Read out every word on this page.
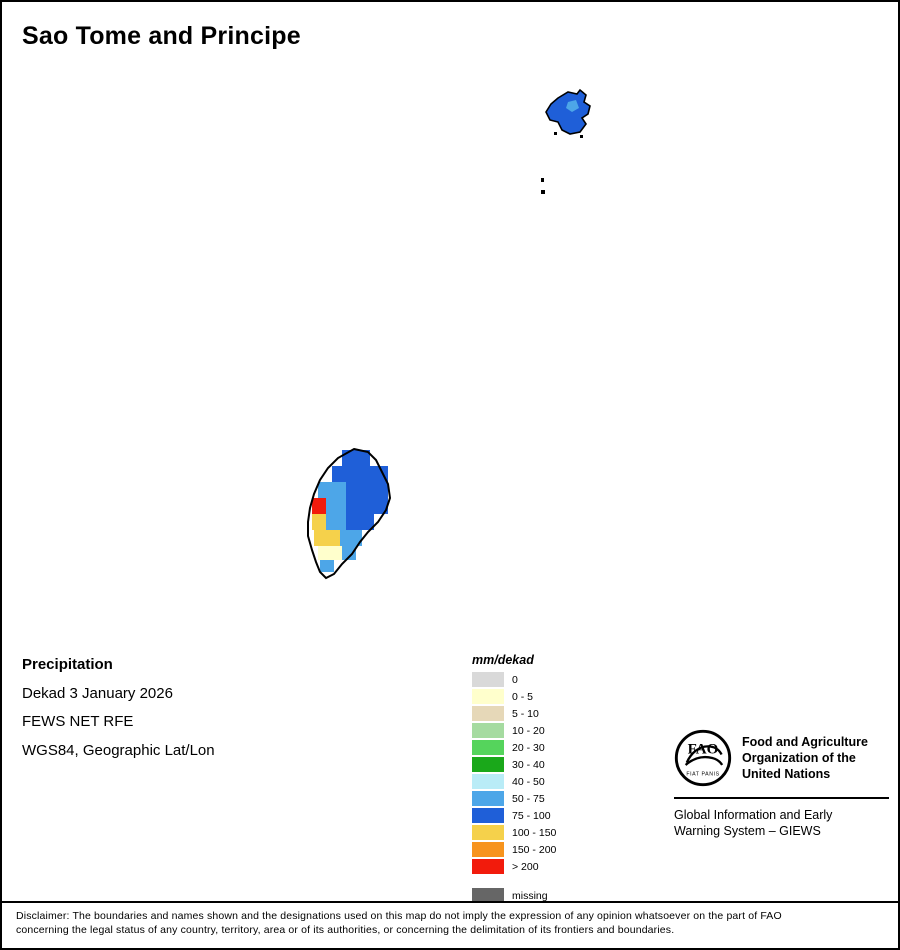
Sao Tome and Principe
Precipitation
Dekad 3 January 2026
FEWS NET RFE
WGS84, Geographic Lat/Lon
mm/dekad
0
0 - 5
5 - 10
10 - 20
20 - 30
30 - 40
40 - 50
50 - 75
75 - 100
100 - 150
150 - 200
> 200
missing
FAO
FIAT PANIS
Food and Agriculture
Organization of the
United Nations
Global Information and Early
Warning System – GIEWS
Disclaimer: The boundaries and names shown and the designations used on this map do not imply the expression of any opinion whatsoever on the part of FAO
concerning the legal status of any country, territory, area or of its authorities, or concerning the delimitation of its frontiers and boundaries.
